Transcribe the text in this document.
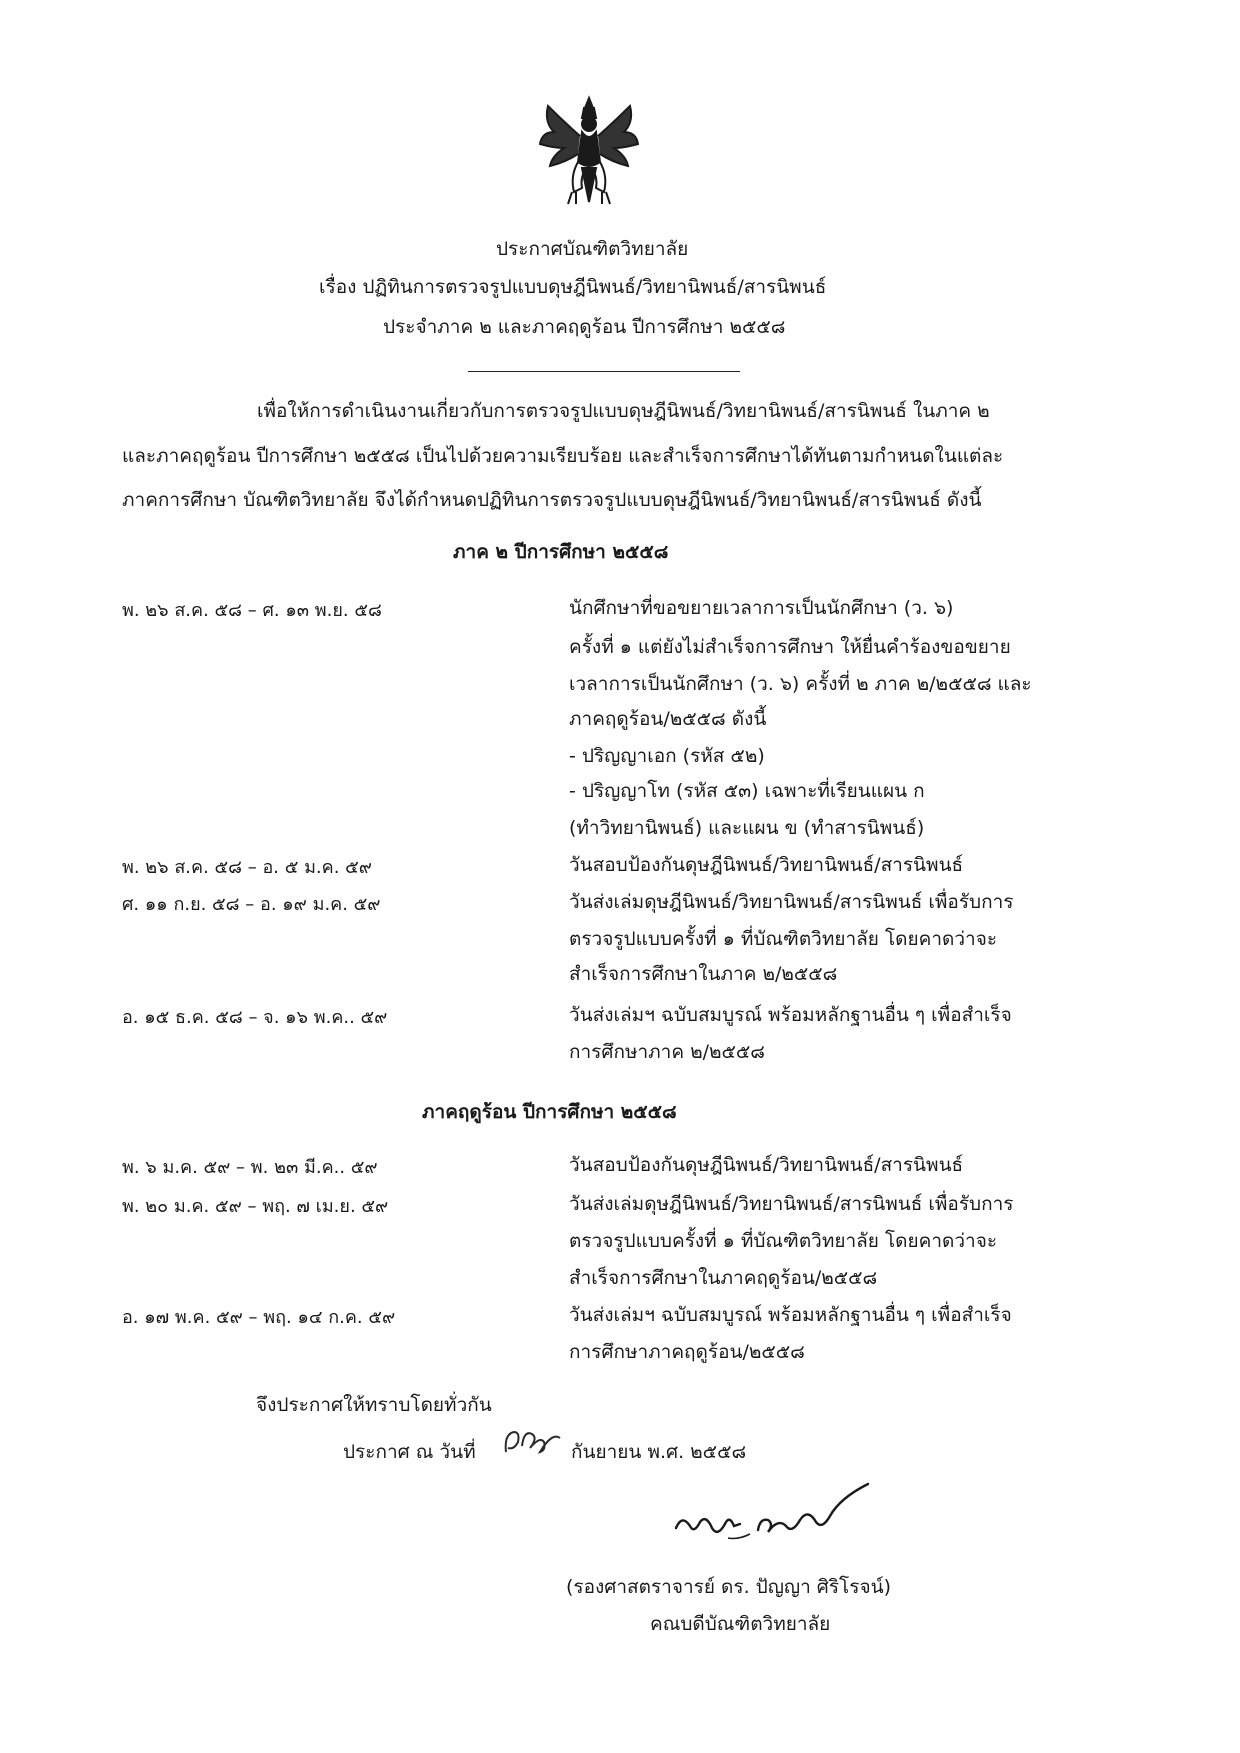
ประกาศบัณฑิตวิทยาลัย
เรื่อง ปฏิทินการตรวจรูปแบบดุษฎีนิพนธ์/วิทยานิพนธ์/สารนิพนธ์
ประจำภาค ๒ และภาคฤดูร้อน ปีการศึกษา ๒๕๕๘
เพื่อให้การดำเนินงานเกี่ยวกับการตรวจรูปแบบดุษฎีนิพนธ์/วิทยานิพนธ์/สารนิพนธ์ ในภาค ๒
และภาคฤดูร้อน ปีการศึกษา ๒๕๕๘ เป็นไปด้วยความเรียบร้อย และสำเร็จการศึกษาได้ทันตามกำหนดในแต่ละ
ภาคการศึกษา บัณฑิตวิทยาลัย จึงได้กำหนดปฏิทินการตรวจรูปแบบดุษฎีนิพนธ์/วิทยานิพนธ์/สารนิพนธ์ ดังนี้
ภาค ๒ ปีการศึกษา ๒๕๕๘
พ. ๒๖ ส.ค. ๕๘ – ศ. ๑๓ พ.ย. ๕๘	นักศึกษาที่ขอขยายเวลาการเป็นนักศึกษา (ว. ๖)
ครั้งที่ ๑ แต่ยังไม่สำเร็จการศึกษา ให้ยื่นคำร้องขอขยาย
เวลาการเป็นนักศึกษา (ว. ๖) ครั้งที่ ๒ ภาค ๒/๒๕๕๘ และ
ภาคฤดูร้อน/๒๕๕๘ ดังนี้
- ปริญญาเอก (รหัส ๕๒)
- ปริญญาโท (รหัส ๕๓) เฉพาะที่เรียนแผน ก
(ทำวิทยานิพนธ์) และแผน ข (ทำสารนิพนธ์)
พ. ๒๖ ส.ค. ๕๘ – อ. ๕ ม.ค. ๕๙	วันสอบป้องกันดุษฎีนิพนธ์/วิทยานิพนธ์/สารนิพนธ์
ศ. ๑๑ ก.ย. ๕๘ – อ. ๑๙ ม.ค. ๕๙	วันส่งเล่มดุษฎีนิพนธ์/วิทยานิพนธ์/สารนิพนธ์ เพื่อรับการ
ตรวจรูปแบบครั้งที่ ๑ ที่บัณฑิตวิทยาลัย โดยคาดว่าจะ
สำเร็จการศึกษาในภาค ๒/๒๕๕๘
อ. ๑๕ ธ.ค. ๕๘ – จ. ๑๖ พ.ค.. ๕๙	วันส่งเล่มฯ ฉบับสมบูรณ์ พร้อมหลักฐานอื่น ๆ เพื่อสำเร็จ
การศึกษาภาค ๒/๒๕๕๘
ภาคฤดูร้อน ปีการศึกษา ๒๕๕๘
พ. ๖ ม.ค. ๕๙ – พ. ๒๓ มี.ค.. ๕๙	วันสอบป้องกันดุษฎีนิพนธ์/วิทยานิพนธ์/สารนิพนธ์
พ. ๒๐ ม.ค. ๕๙ – พฤ. ๗ เม.ย. ๕๙	วันส่งเล่มดุษฎีนิพนธ์/วิทยานิพนธ์/สารนิพนธ์ เพื่อรับการ
ตรวจรูปแบบครั้งที่ ๑ ที่บัณฑิตวิทยาลัย โดยคาดว่าจะ
สำเร็จการศึกษาในภาคฤดูร้อน/๒๕๕๘
อ. ๑๗ พ.ค. ๕๙ – พฤ. ๑๔ ก.ค. ๕๙	วันส่งเล่มฯ ฉบับสมบูรณ์ พร้อมหลักฐานอื่น ๆ เพื่อสำเร็จ
การศึกษาภาคฤดูร้อน/๒๕๕๘
จึงประกาศให้ทราบโดยทั่วกัน
ประกาศ ณ วันที่	กันยายน พ.ศ. ๒๕๕๘
(รองศาสตราจารย์ ดร. ปัญญา ศิริโรจน์)
คณบดีบัณฑิตวิทยาลัย
